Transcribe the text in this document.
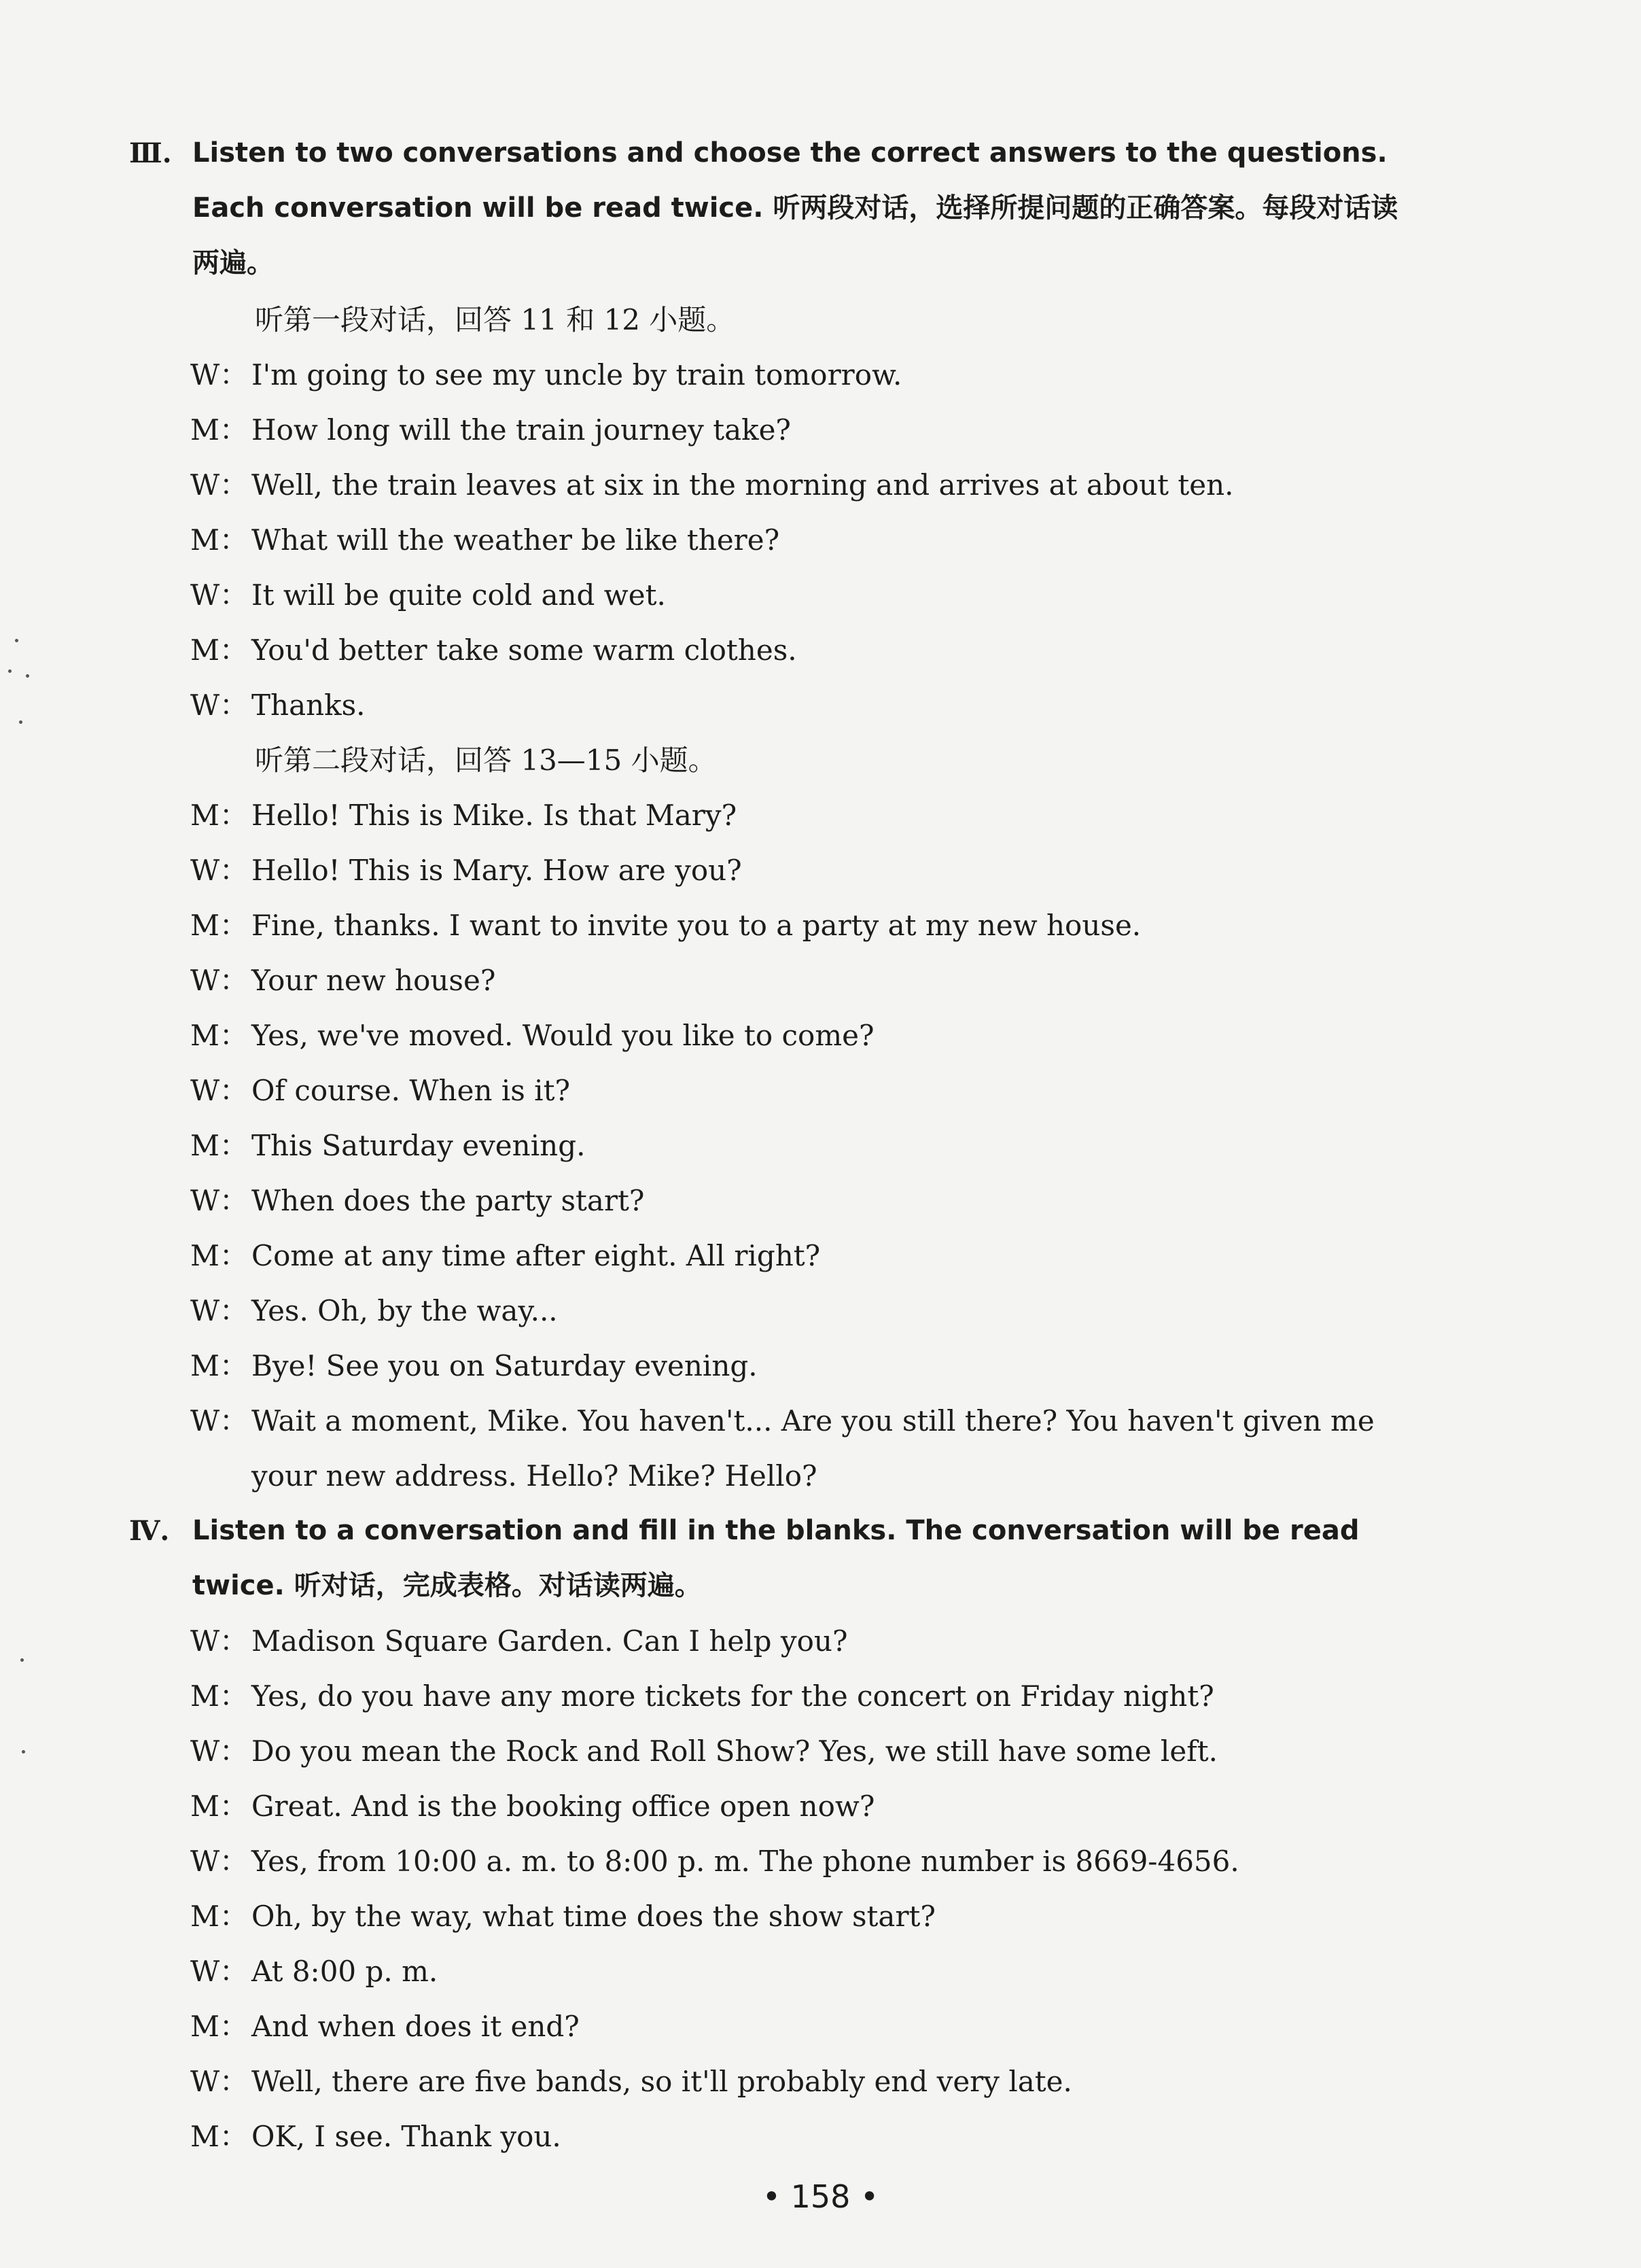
Ⅲ. Listen to two conversations and choose the correct answers to the questions. Each conversation will be read twice. 听两段对话，选择所提问题的正确答案。每段对话读两遍。
听第一段对话，回答 11 和 12 小题。
W： I'm going to see my uncle by train tomorrow.
M： How long will the train journey take?
W： Well, the train leaves at six in the morning and arrives at about ten.
M： What will the weather be like there?
W： It will be quite cold and wet.
M： You'd better take some warm clothes.
W： Thanks.
听第二段对话，回答 13—15 小题。
M： Hello! This is Mike. Is that Mary?
W： Hello! This is Mary. How are you?
M： Fine, thanks. I want to invite you to a party at my new house.
W： Your new house?
M： Yes, we've moved. Would you like to come?
W： Of course. When is it?
M： This Saturday evening.
W： When does the party start?
M： Come at any time after eight. All right?
W： Yes. Oh, by the way...
M： Bye! See you on Saturday evening.
W： Wait a moment, Mike. You haven't... Are you still there? You haven't given me your new address. Hello? Mike? Hello?
Ⅳ. Listen to a conversation and fill in the blanks. The conversation will be read twice. 听对话，完成表格。对话读两遍。
W： Madison Square Garden. Can I help you?
M： Yes, do you have any more tickets for the concert on Friday night?
W： Do you mean the Rock and Roll Show? Yes, we still have some left.
M： Great. And is the booking office open now?
W： Yes, from 10:00 a. m. to 8:00 p. m. The phone number is 8669-4656.
M： Oh, by the way, what time does the show start?
W： At 8:00 p. m.
M： And when does it end?
W： Well, there are five bands, so it'll probably end very late.
M： OK, I see. Thank you.
• 158 •
